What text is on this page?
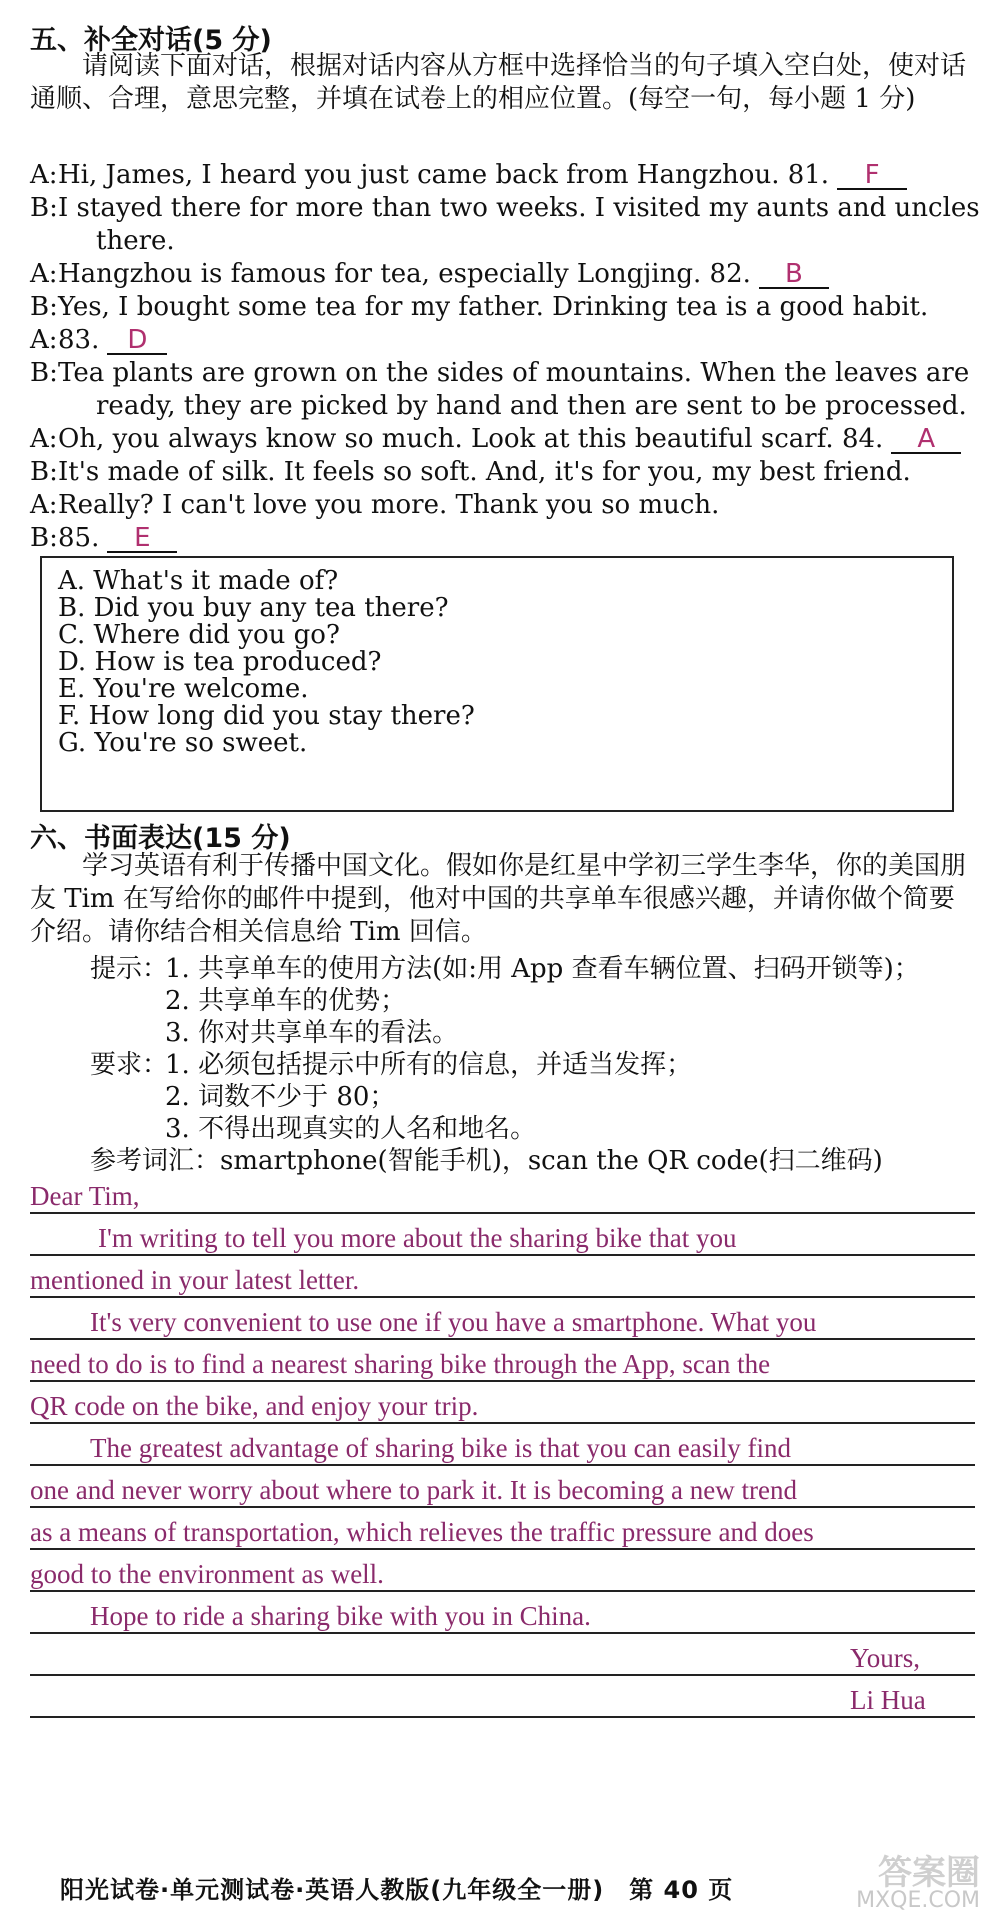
五、补全对话(5 分)
请阅读下面对话，根据对话内容从方框中选择恰当的句子填入空白处，使对话通顺、合理，意思完整，并填在试卷上的相应位置。(每空一句，每小题 1 分)
A:Hi, James, I heard you just came back from Hangzhou. 81. F
B:I stayed there for more than two weeks. I visited my aunts and uncles
there.
A:Hangzhou is famous for tea, especially Longjing. 82. B
B:Yes, I bought some tea for my father. Drinking tea is a good habit.
A:83. D
B:Tea plants are grown on the sides of mountains. When the leaves are
ready, they are picked by hand and then are sent to be processed.
A:Oh, you always know so much. Look at this beautiful scarf. 84. A
B:It's made of silk. It feels so soft. And, it's for you, my best friend.
A:Really? I can't love you more. Thank you so much.
B:85. E
A. What's it made of?
B. Did you buy any tea there?
C. Where did you go?
D. How is tea produced?
E. You're welcome.
F. How long did you stay there?
G. You're so sweet.
六、书面表达(15 分)
学习英语有利于传播中国文化。假如你是红星中学初三学生李华，你的美国朋友 Tim 在写给你的邮件中提到，他对中国的共享单车很感兴趣，并请你做个简要介绍。请你结合相关信息给 Tim 回信。
提示：
1. 共享单车的使用方法(如:用 App 查看车辆位置、扫码开锁等)；
2. 共享单车的优势；
3. 你对共享单车的看法。
要求：
1. 必须包括提示中所有的信息，并适当发挥；
2. 词数不少于 80；
3. 不得出现真实的人名和地名。
参考词汇：smartphone(智能手机)，scan the QR code(扫二维码)
Dear Tim,
I'm writing to tell you more about the sharing bike that you
mentioned in your latest letter.
It's very convenient to use one if you have a smartphone. What you
need to do is to find a nearest sharing bike through the App, scan the
QR code on the bike, and enjoy your trip.
The greatest advantage of sharing bike is that you can easily find
one and never worry about where to park it. It is becoming a new trend
as a means of transportation, which relieves the traffic pressure and does
good to the environment as well.
Hope to ride a sharing bike with you in China.
Yours,
Li Hua
阳光试卷·单元测试卷·英语人教版(九年级全一册)　第 40 页	答案圈
MXQE.COM
